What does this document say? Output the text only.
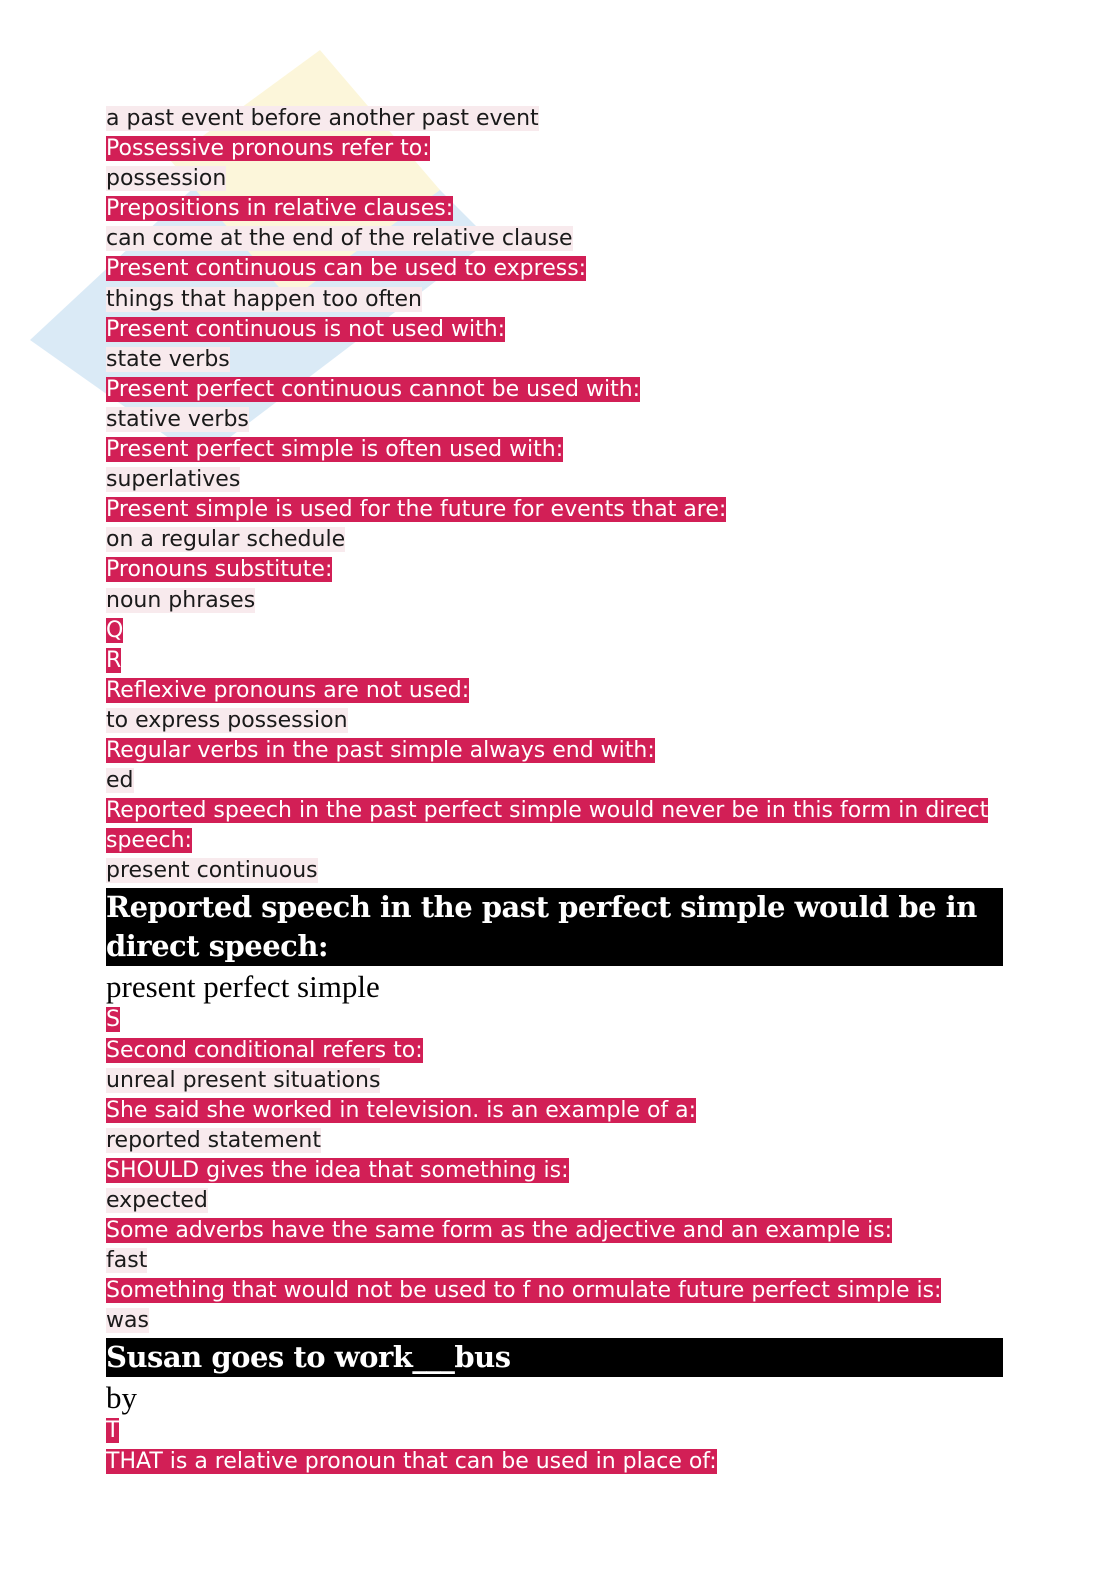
a past event before another past event
Possessive pronouns refer to:
possession
Prepositions in relative clauses:
can come at the end of the relative clause
Present continuous can be used to express:
things that happen too often
Present continuous is not used with:
state verbs
Present perfect continuous cannot be used with:
stative verbs
Present perfect simple is often used with:
superlatives
Present simple is used for the future for events that are:
on a regular schedule
Pronouns substitute:
noun phrases
Q
R
Reflexive pronouns are not used:
to express possession
Regular verbs in the past simple always end with:
ed
Reported speech in the past perfect simple would never be in this form in direct speech:
present continuous
Reported speech in the past perfect simple would be in direct speech:
present perfect simple
S
Second conditional refers to:
unreal present situations
She said she worked in television. is an example of a:
reported statement
SHOULD gives the idea that something is:
expected
Some adverbs have the same form as the adjective and an example is:
fast
Something that would not be used to f no ormulate future perfect simple is:
was
Susan goes to work___bus
by
T
THAT is a relative pronoun that can be used in place of:
